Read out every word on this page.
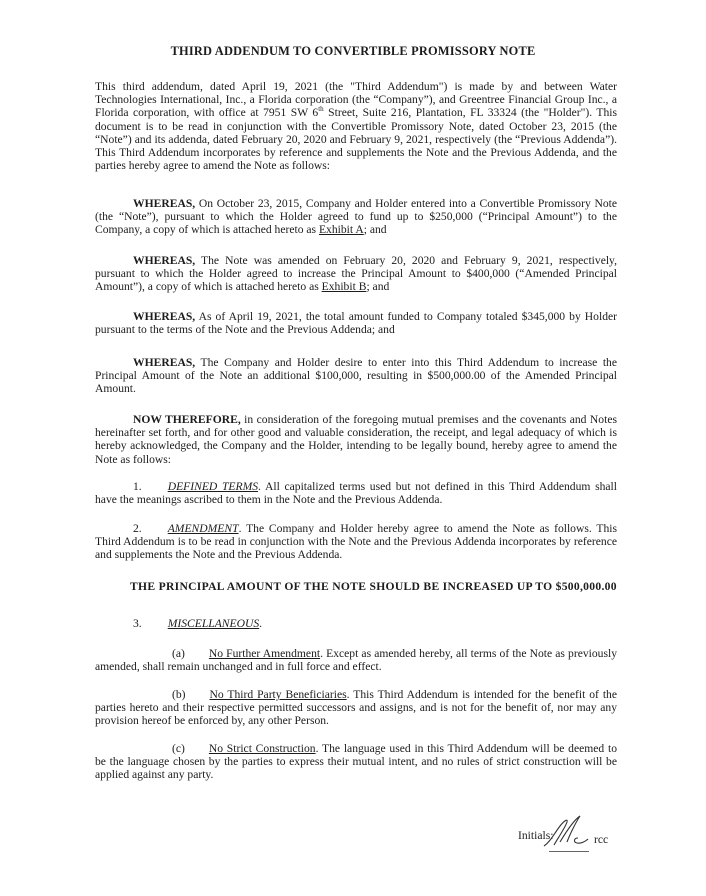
THIRD ADDENDUM TO CONVERTIBLE PROMISSORY NOTE

This third addendum, dated April 19, 2021 (the "Third Addendum") is made by and between Water Technologies International, Inc., a Florida corporation (the “Company”), and Greentree Financial Group Inc., a Florida corporation, with office at 7951 SW 6th Street, Suite 216, Plantation, FL 33324 (the "Holder"). This document is to be read in conjunction with the Convertible Promissory Note, dated October 23, 2015 (the “Note”) and its addenda, dated February 20, 2020 and February 9, 2021, respectively (the “Previous Addenda”). This Third Addendum incorporates by reference and supplements the Note and the Previous Addenda, and the parties hereby agree to amend the Note as follows:

WHEREAS, On October 23, 2015, Company and Holder entered into a Convertible Promissory Note (the “Note”), pursuant to which the Holder agreed to fund up to $250,000 (“Principal Amount”) to the Company, a copy of which is attached hereto as Exhibit A; and

WHEREAS, The Note was amended on February 20, 2020 and February 9, 2021, respectively, pursuant to which the Holder agreed to increase the Principal Amount to $400,000 (“Amended Principal Amount”), a copy of which is attached hereto as Exhibit B; and

WHEREAS, As of April 19, 2021, the total amount funded to Company totaled $345,000 by Holder pursuant to the terms of the Note and the Previous Addenda; and

WHEREAS, The Company and Holder desire to enter into this Third Addendum to increase the Principal Amount of the Note an additional $100,000, resulting in $500,000.00 of the Amended Principal Amount.

NOW THEREFORE, in consideration of the foregoing mutual premises and the covenants and Notes hereinafter set forth, and for other good and valuable consideration, the receipt, and legal adequacy of which is hereby acknowledged, the Company and the Holder, intending to be legally bound, hereby agree to amend the Note as follows:

1. DEFINED TERMS. All capitalized terms used but not defined in this Third Addendum shall have the meanings ascribed to them in the Note and the Previous Addenda.

2. AMENDMENT. The Company and Holder hereby agree to amend the Note as follows. This Third Addendum is to be read in conjunction with the Note and the Previous Addenda incorporates by reference and supplements the Note and the Previous Addenda.

THE PRINCIPAL AMOUNT OF THE NOTE SHOULD BE INCREASED UP TO $500,000.00

3. MISCELLANEOUS.

(a) No Further Amendment. Except as amended hereby, all terms of the Note as previously amended, shall remain unchanged and in full force and effect.

(b) No Third Party Beneficiaries. This Third Addendum is intended for the benefit of the parties hereto and their respective permitted successors and assigns, and is not for the benefit of, nor may any provision hereof be enforced by, any other Person.

(c) No Strict Construction. The language used in this Third Addendum will be deemed to be the language chosen by the parties to express their mutual intent, and no rules of strict construction will be applied against any party.

Initials:	rcc
